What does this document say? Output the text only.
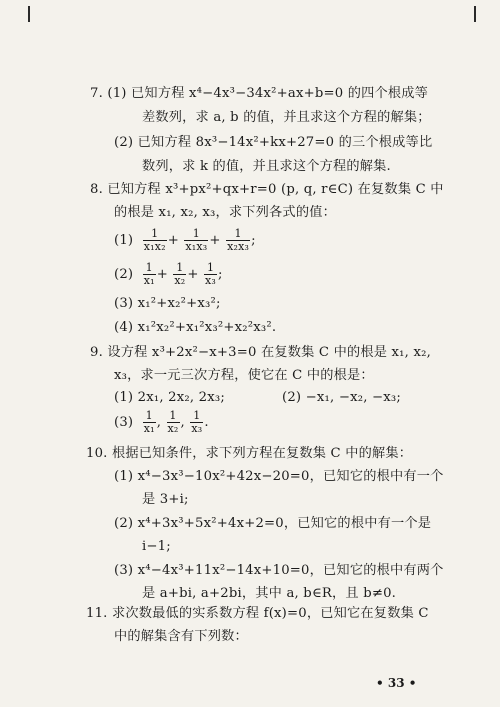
7. (1) 已知方程 x⁴−4x³−34x²+ax+b=0 的四个根成等
差数列，求 a, b 的值，并且求这个方程的解集；
(2) 已知方程 8x³−14x²+kx+27=0 的三个根成等比
数列，求 k 的值，并且求这个方程的解集.
8. 已知方程 x³+px²+qx+r=0 (p, q, r∈C) 在复数集 C 中
的根是 x₁, x₂, x₃，求下列各式的值：
$(1) \frac{1}{\text{x₁x₂}} + \frac{1}{\text{x₁x₃}} + \frac{1}{\text{x₂x₃}}$ ;
$(2) \frac{1}{\text{x₁}} + \frac{1}{\text{x₂}} + \frac{1}{\text{x₃}}$ ;
(3) x₁²+x₂²+x₃²;
(4) x₁²x₂²+x₁²x₃²+x₂²x₃².
9. 设方程 x³+2x²−x+3=0 在复数集 C 中的根是 x₁, x₂,
x₃，求一元三次方程，使它在 C 中的根是：
(1) 2x₁, 2x₂, 2x₃;	(2) −x₁, −x₂, −x₃;
$(3) \frac{1}{\text{x₁}}$ , $\frac{1}{\text{x₂}}$ , $\frac{1}{\text{x₃}}$ .
10. 根据已知条件，求下列方程在复数集 C 中的解集：
(1) x⁴−3x³−10x²+42x−20=0，已知它的根中有一个
是 3+i;
(2) x⁴+3x³+5x²+4x+2=0，已知它的根中有一个是
i−1;
(3) x⁴−4x³+11x²−14x+10=0，已知它的根中有两个
是 a+bi, a+2bi，其中 a, b∈R，且 b≠0.
11. 求次数最低的实系数方程 f(x)=0，已知它在复数集 C
中的解集含有下列数：
• 33 •
